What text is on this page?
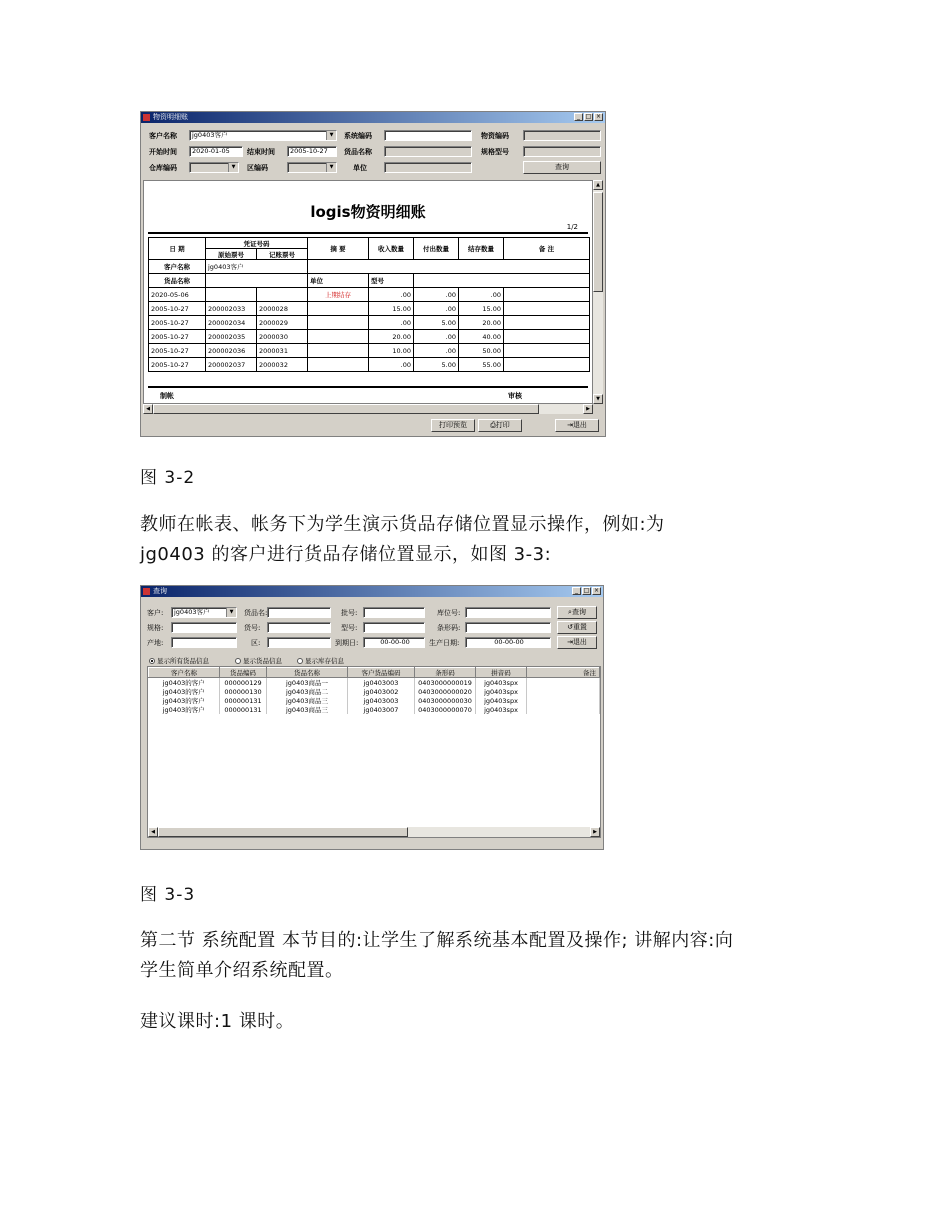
物资明细账	_ □ ×
客户名称	jg0403客户	▼	系统编码	物资编码
开始时间	2020-01-05	结束时间	2005-10-27	货品名称	规格型号
仓库编码	▼	区编码	▼	单位	查询
logis物资明细账
1/2
日 期	凭证号码		摘 要	收入数量	付出数量	结存数量	备 注
	原始票号	记账票号					
客户名称	jg0403客户						
货品名称			单位	型号			
2020-05-06			上期结存	.00	.00	.00	
2005-10-27	200002033	2000028		15.00	.00	15.00	
2005-10-27	200002034	2000029		.00	5.00	20.00	
2005-10-27	200002035	2000030		20.00	.00	40.00	
2005-10-27	200002036	2000031		10.00	.00	50.00	
2005-10-27	200002037	2000032		.00	5.00	55.00	
制帐	审核
▲
▼
◀	▶
打印预览	⎙打印	⇥退出
图 3-2
教师在帐表、帐务下为学生演示货品存储位置显示操作，例如:为
jg0403 的客户进行货品存储位置显示，如图 3-3:
查询	_ □ ×
客户:	jg0403客户	▼	货品名:	批号:	库位号:	⌕查询
规格:	货号:	型号:	条形码:	↺重置
产地:	区:	到期日:	00-00-00	生产日期:	00-00-00	⇥退出
显示所有货品信息	显示货品信息	显示库存信息
客户名称	货品编码	货品名称	客户货品编码	条形码	拼音码	备注
jg0403的客户	000000129	jg0403商品一	jg0403003	0403000000019	jg0403spx	
jg0403的客户	000000130	jg0403商品二	jg0403002	0403000000020	jg0403spx	
jg0403的客户	000000131	jg0403商品三	jg0403003	0403000000030	jg0403spx	
jg0403的客户	000000131	jg0403商品三	jg0403007	0403000000070	jg0403spx	
◀	▶
图 3-3
第二节 系统配置 本节目的:让学生了解系统基本配置及操作; 讲解内容:向
学生简单介绍系统配置。
建议课时:1 课时。
